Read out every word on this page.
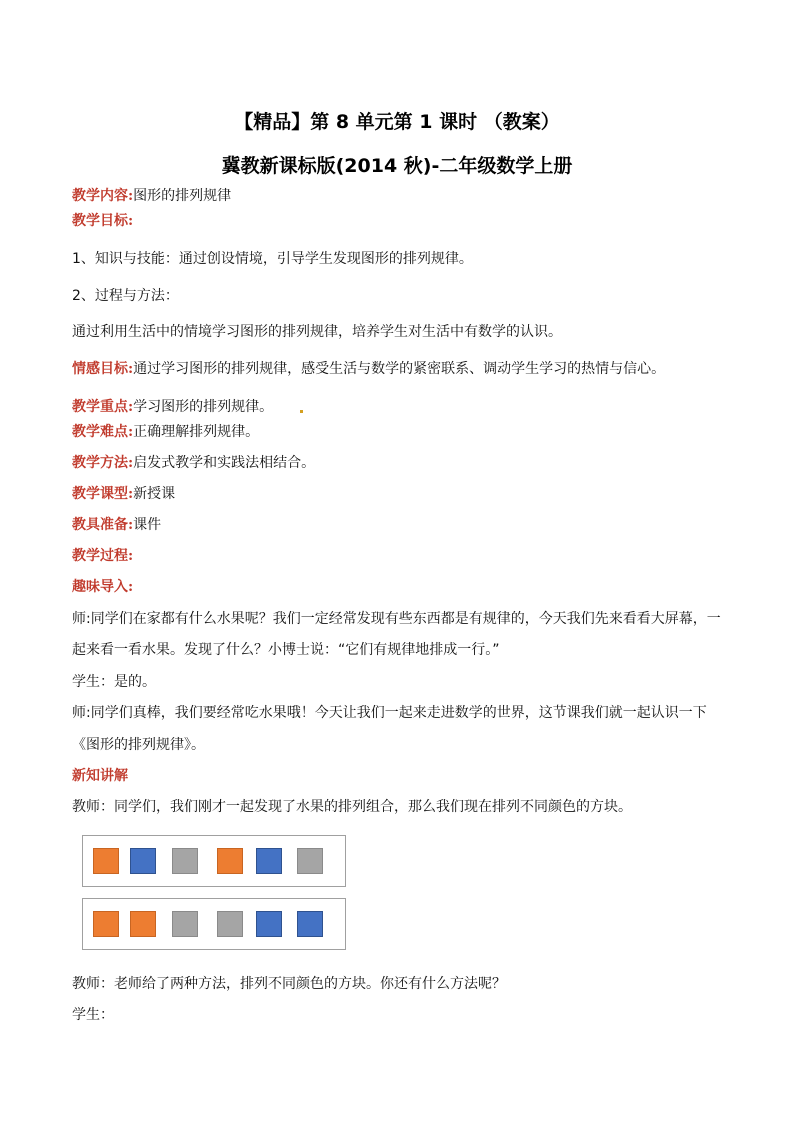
【精品】第 8 单元第 1 课时 （教案）
冀教新课标版(2014 秋)-二年级数学上册
教学内容:图形的排列规律
教学目标:
1、知识与技能：通过创设情境，引导学生发现图形的排列规律。
2、过程与方法：
通过利用生活中的情境学习图形的排列规律，培养学生对生活中有数学的认识。
情感目标:通过学习图形的排列规律，感受生活与数学的紧密联系、调动学生学习的热情与信心。
教学重点:学习图形的排列规律。
教学难点:正确理解排列规律。
教学方法:启发式教学和实践法相结合。
教学课型:新授课
教具准备:课件
教学过程:
趣味导入:
师:同学们在家都有什么水果呢？我们一定经常发现有些东西都是有规律的，今天我们先来看看大屏幕，一
起来看一看水果。发现了什么？小博士说：“它们有规律地排成一行。”
学生：是的。
师:同学们真棒，我们要经常吃水果哦！今天让我们一起来走进数学的世界，这节课我们就一起认识一下
《图形的排列规律》。
新知讲解
教师：同学们，我们刚才一起发现了水果的排列组合，那么我们现在排列不同颜色的方块。
教师：老师给了两种方法，排列不同颜色的方块。你还有什么方法呢？
学生：
